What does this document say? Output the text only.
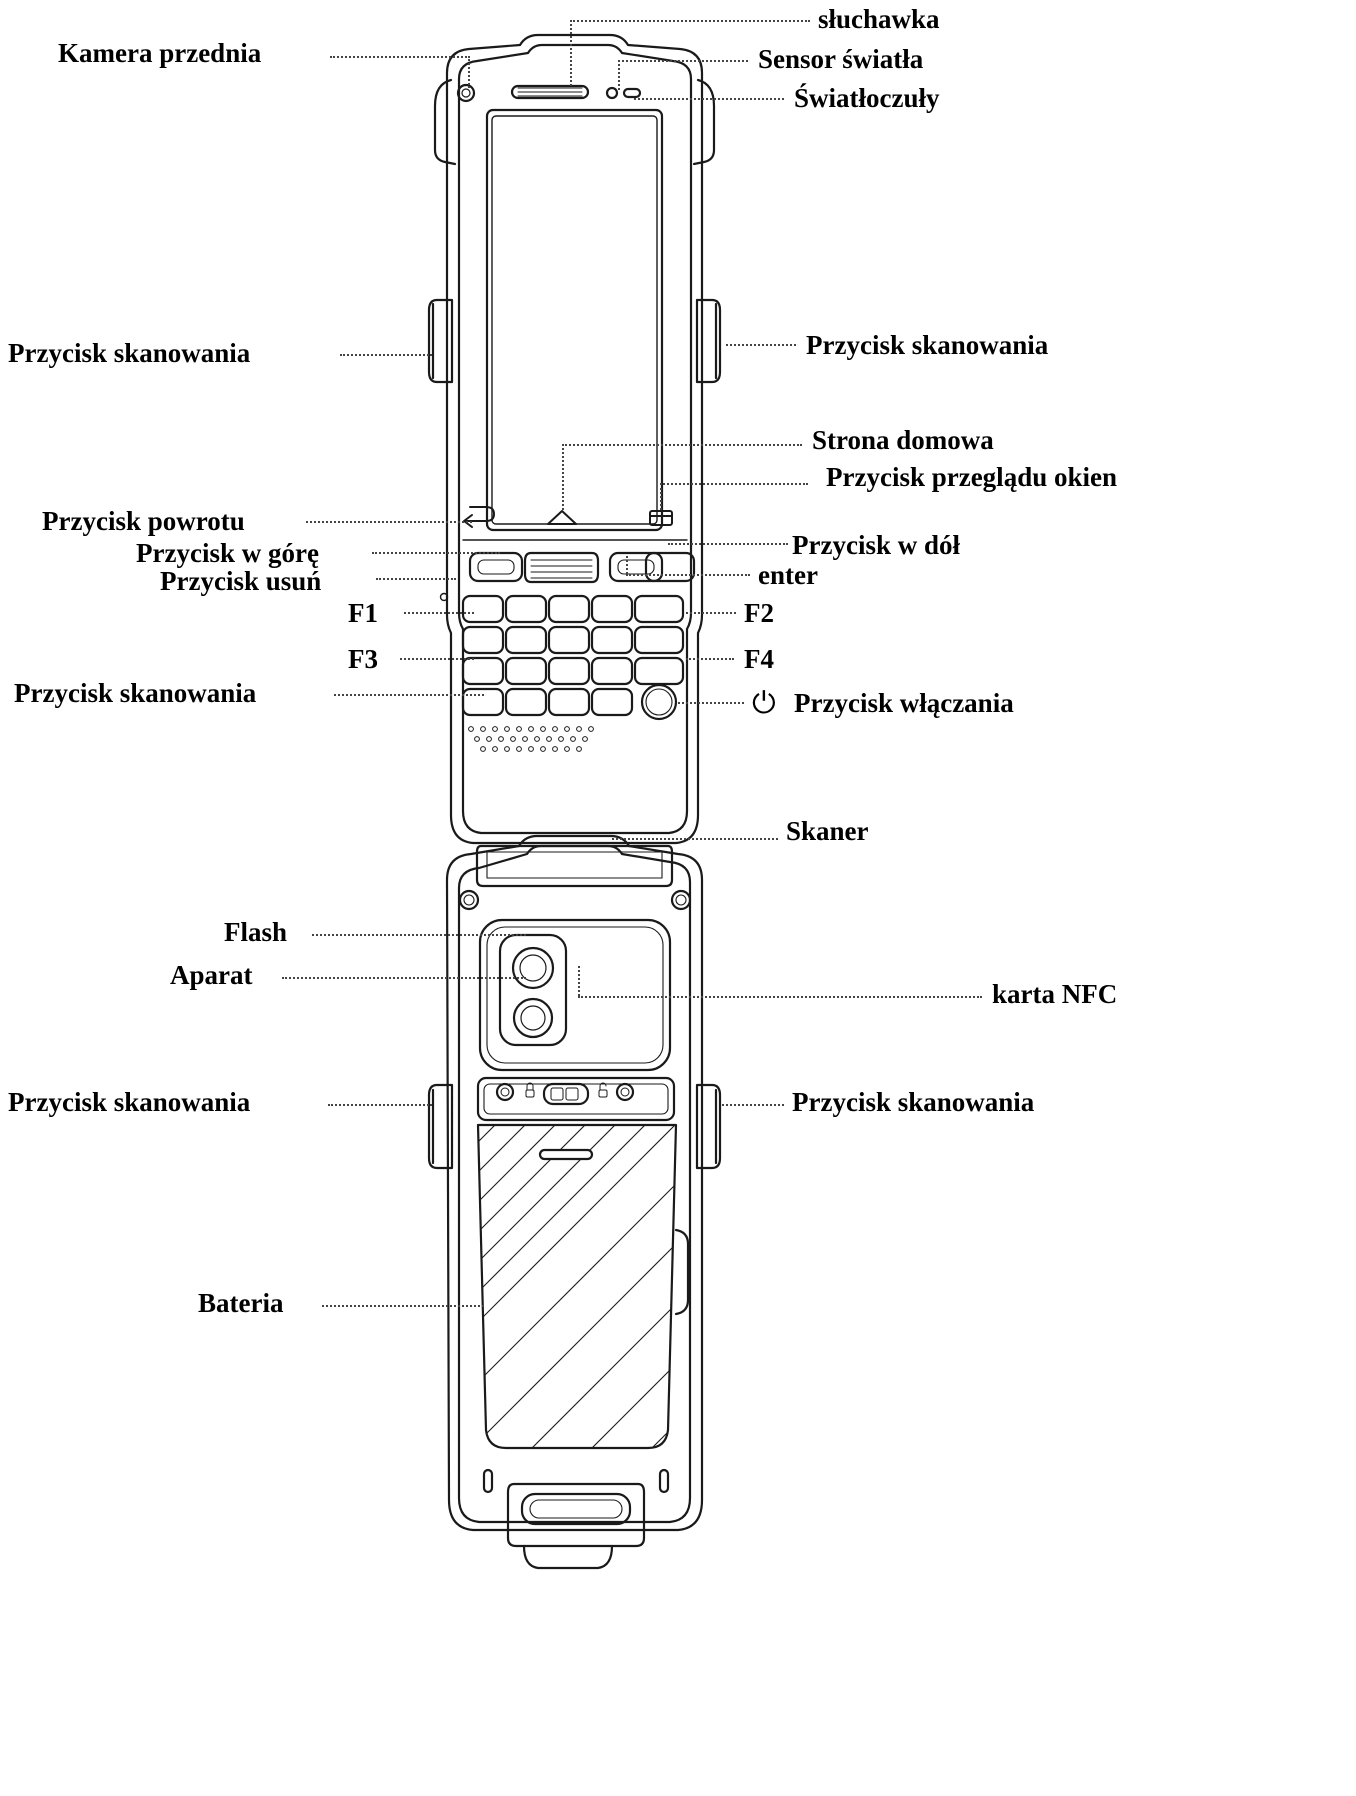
słuchawka
Sensor światła
Światłoczuły
Kamera przednia
Przycisk skanowania	Przycisk skanowania
Strona domowa
Przycisk przeglądu okien
Przycisk powrotu
Przycisk w dół
Przycisk w górę
enter
Przycisk usuń
F1	F2
F3	F4
Przycisk skanowania	⏻ Przycisk włączania
Skaner
Flash
Aparat
karta NFC
Przycisk skanowania	Przycisk skanowania
Bateria
